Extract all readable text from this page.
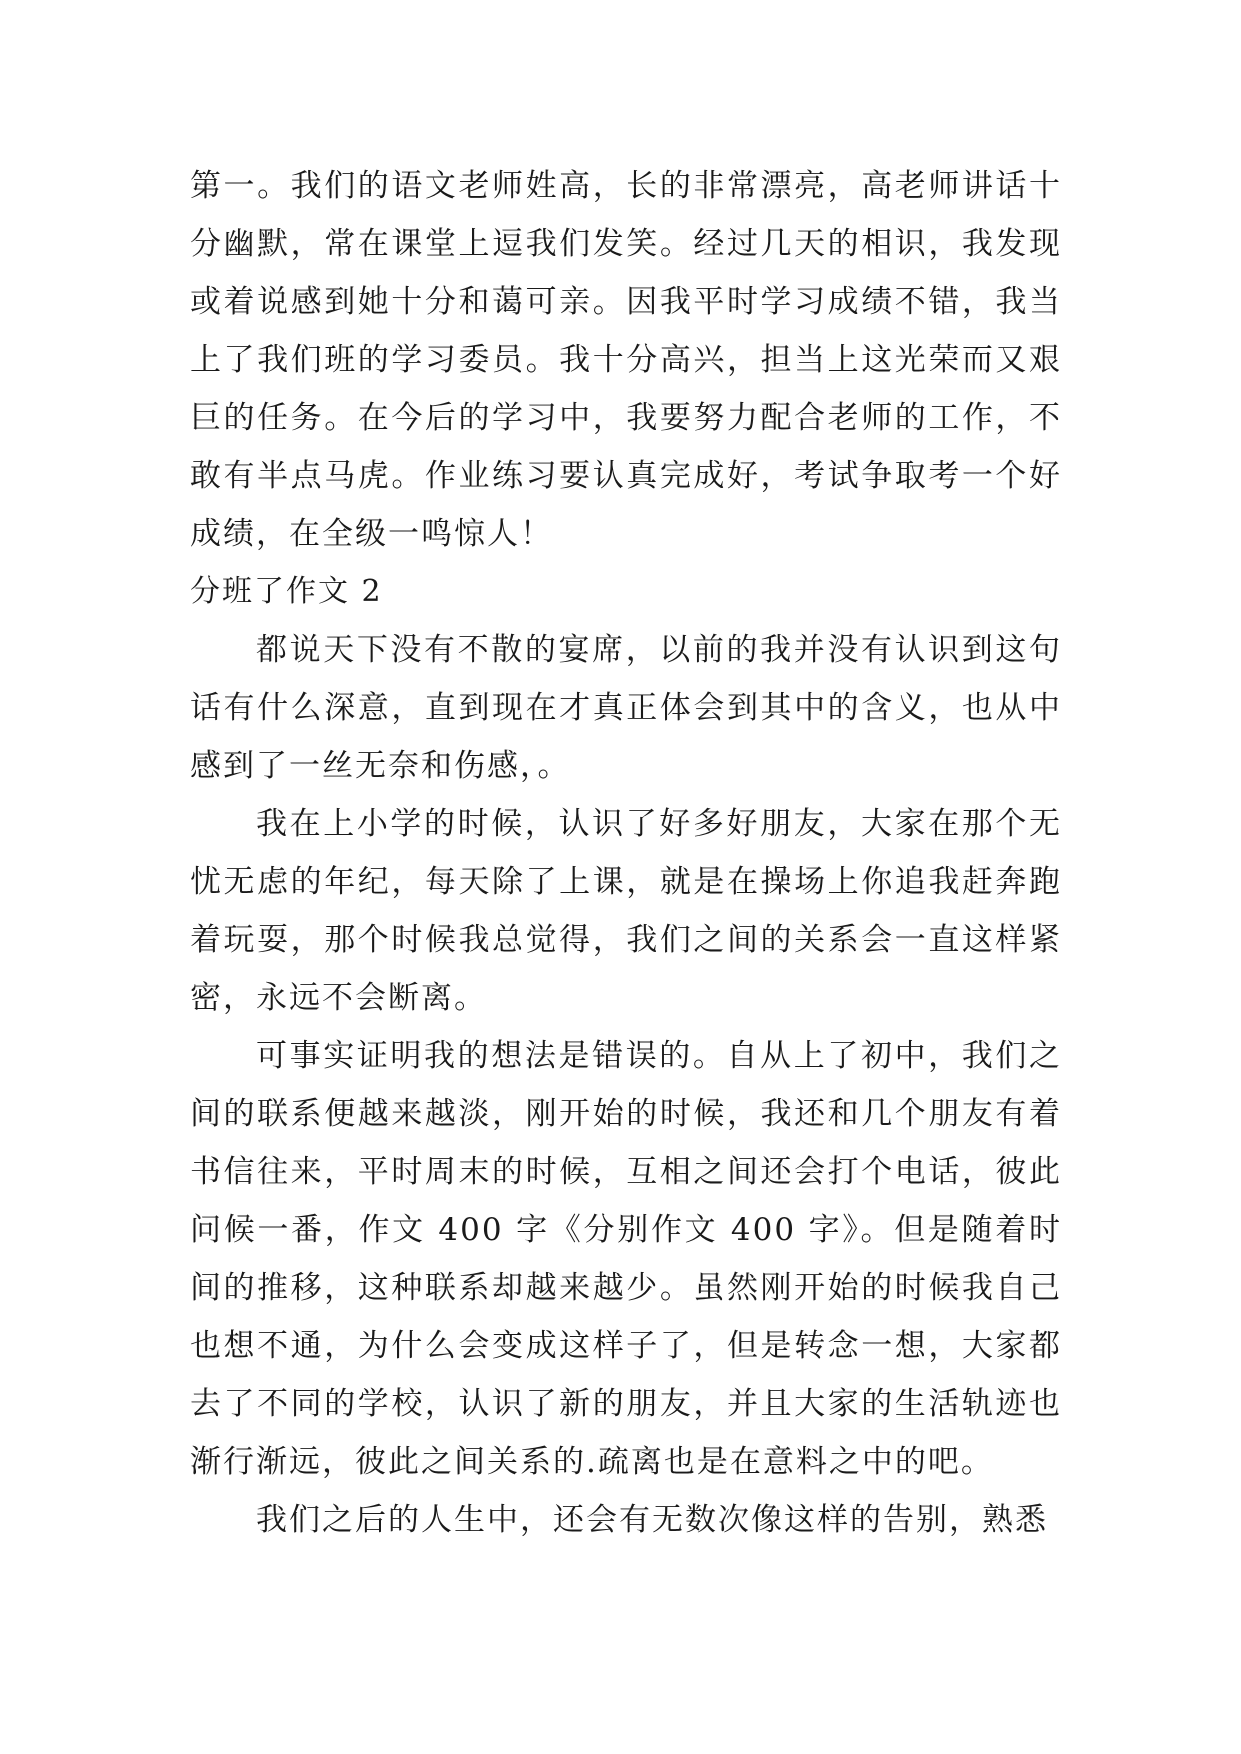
第一。我们的语文老师姓高，长的非常漂亮，高老师讲话十分幽默，常在课堂上逗我们发笑。经过几天的相识，我发现或着说感到她十分和蔼可亲。因我平时学习成绩不错，我当上了我们班的学习委员。我十分高兴，担当上这光荣而又艰巨的任务。在今后的学习中，我要努力配合老师的工作，不敢有半点马虎。作业练习要认真完成好，考试争取考一个好成绩，在全级一鸣惊人！

分班了作文 2

都说天下没有不散的宴席，以前的我并没有认识到这句话有什么深意，直到现在才真正体会到其中的含义，也从中感到了一丝无奈和伤感，。

我在上小学的时候，认识了好多好朋友，大家在那个无忧无虑的年纪，每天除了上课，就是在操场上你追我赶奔跑着玩耍，那个时候我总觉得，我们之间的关系会一直这样紧密，永远不会断离。

可事实证明我的想法是错误的。自从上了初中，我们之间的联系便越来越淡，刚开始的时候，我还和几个朋友有着书信往来，平时周末的时候，互相之间还会打个电话，彼此问候一番，作文 400 字《分别作文 400 字》。但是随着时间的推移，这种联系却越来越少。虽然刚开始的时候我自己也想不通，为什么会变成这样子了，但是转念一想，大家都去了不同的学校，认识了新的朋友，并且大家的生活轨迹也渐行渐远，彼此之间关系的.疏离也是在意料之中的吧。

我们之后的人生中，还会有无数次像这样的告别，熟悉
